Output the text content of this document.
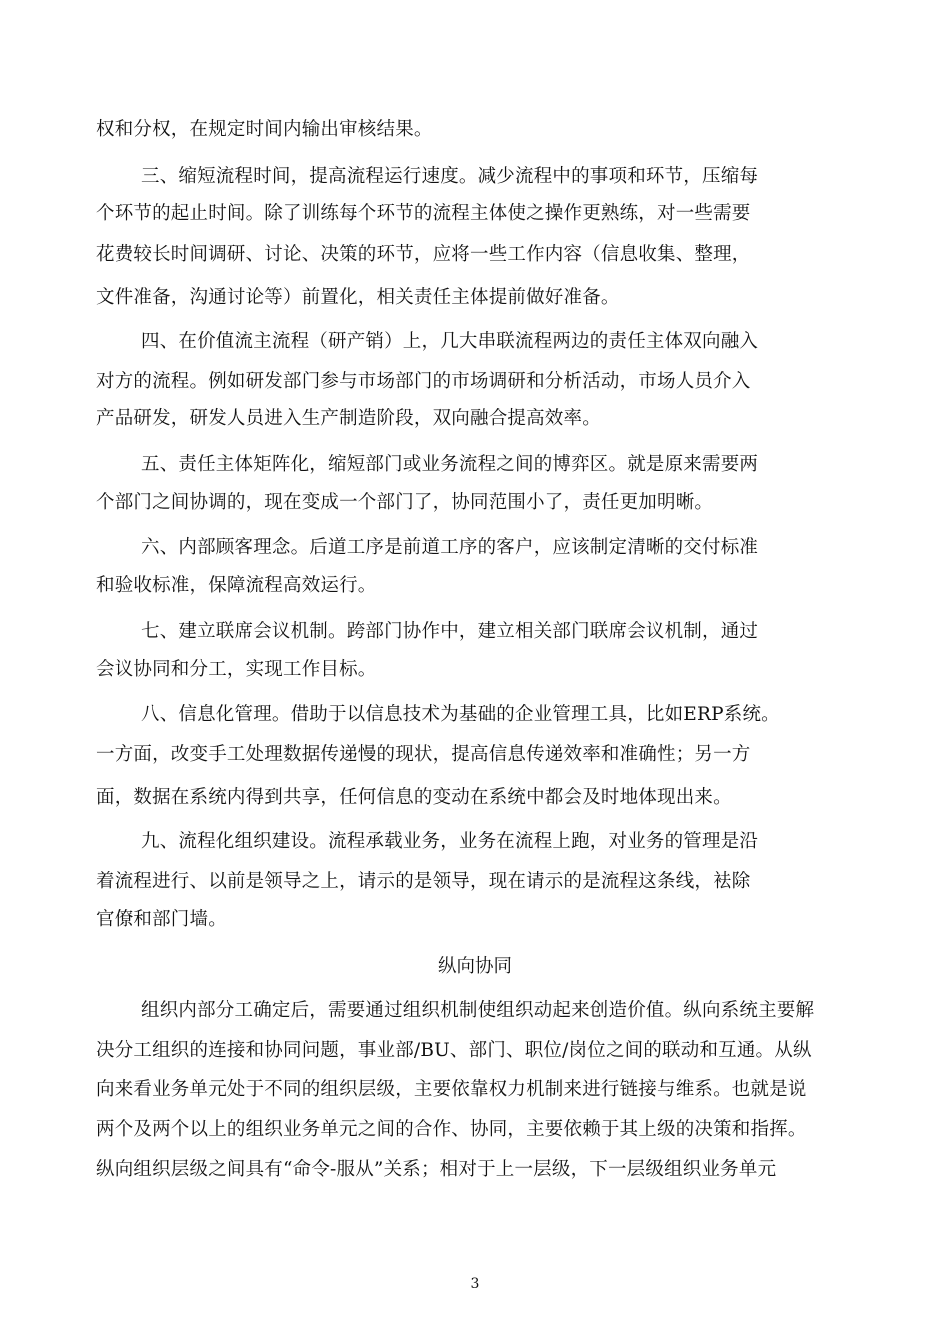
权和分权，在规定时间内输出审核结果。
三、缩短流程时间，提高流程运行速度。减少流程中的事项和环节，压缩每
个环节的起止时间。除了训练每个环节的流程主体使之操作更熟练，对一些需要
花费较长时间调研、讨论、决策的环节，应将一些工作内容（信息收集、整理，
文件准备，沟通讨论等）前置化，相关责任主体提前做好准备。
四、在价值流主流程（研产销）上，几大串联流程两边的责任主体双向融入
对方的流程。例如研发部门参与市场部门的市场调研和分析活动，市场人员介入
产品研发，研发人员进入生产制造阶段，双向融合提高效率。
五、责任主体矩阵化，缩短部门或业务流程之间的博弈区。就是原来需要两
个部门之间协调的，现在变成一个部门了，协同范围小了，责任更加明晰。
六、内部顾客理念。后道工序是前道工序的客户，应该制定清晰的交付标准
和验收标准，保障流程高效运行。
七、建立联席会议机制。跨部门协作中，建立相关部门联席会议机制，通过
会议协同和分工，实现工作目标。
八、信息化管理。借助于以信息技术为基础的企业管理工具，比如ERP系统。
一方面，改变手工处理数据传递慢的现状，提高信息传递效率和准确性；另一方
面，数据在系统内得到共享，任何信息的变动在系统中都会及时地体现出来。
九、流程化组织建设。流程承载业务，业务在流程上跑，对业务的管理是沿
着流程进行、以前是领导之上，请示的是领导，现在请示的是流程这条线，袪除
官僚和部门墙。
纵向协同
组织内部分工确定后，需要通过组织机制使组织动起来创造价值。纵向系统主要解
决分工组织的连接和协同问题，事业部/BU、部门、职位/岗位之间的联动和互通。从纵
向来看业务单元处于不同的组织层级，主要依靠权力机制来进行链接与维系。也就是说
两个及两个以上的组织业务单元之间的合作、协同，主要依赖于其上级的决策和指挥。
纵向组织层级之间具有“命令-服从”关系；相对于上一层级，下一层级组织业务单元
3
